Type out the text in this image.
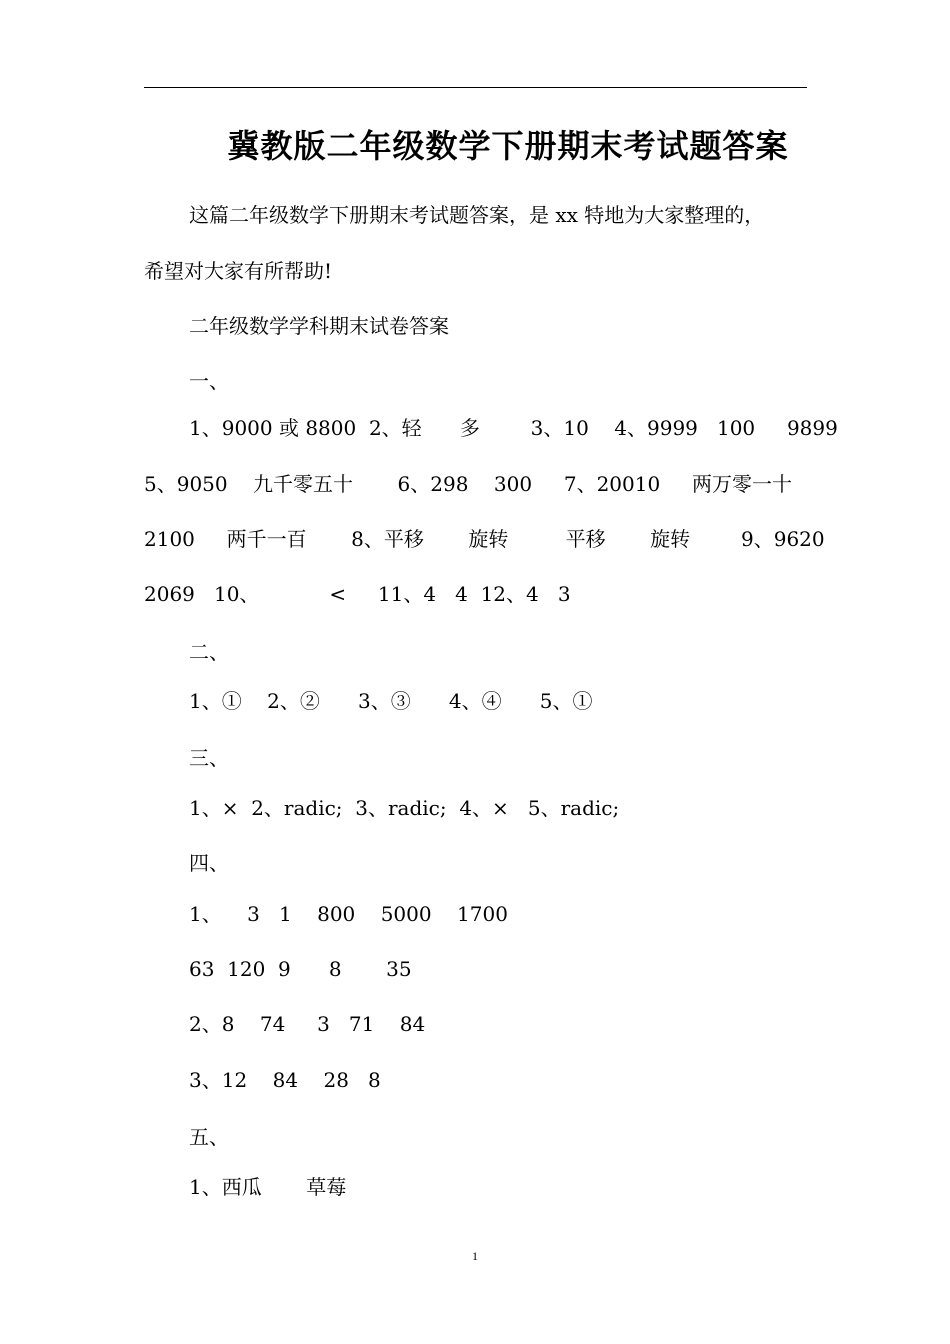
冀教版二年级数学下册期末考试题答案
这篇二年级数学下册期末考试题答案，是 xx 特地为大家整理的，
希望对大家有所帮助!
二年级数学学科期末试卷答案
一、
1、9000 或 8800  2、轻      多        3、10    4、9999   100     9899
5、9050    九千零五十       6、298    300     7、20010     两万零一十
2100     两千一百       8、平移       旋转         平移       旋转        9、9620
2069   10、           <     11、4   4  12、4   3
二、
1、①    2、②      3、③      4、④      5、①
三、
1、×  2、radic;  3、radic;  4、×   5、radic;
四、
1、    3   1    800    5000    1700
63  120  9      8       35
2、8    74     3   71    84
3、12    84    28   8
五、
1、西瓜       草莓
1
